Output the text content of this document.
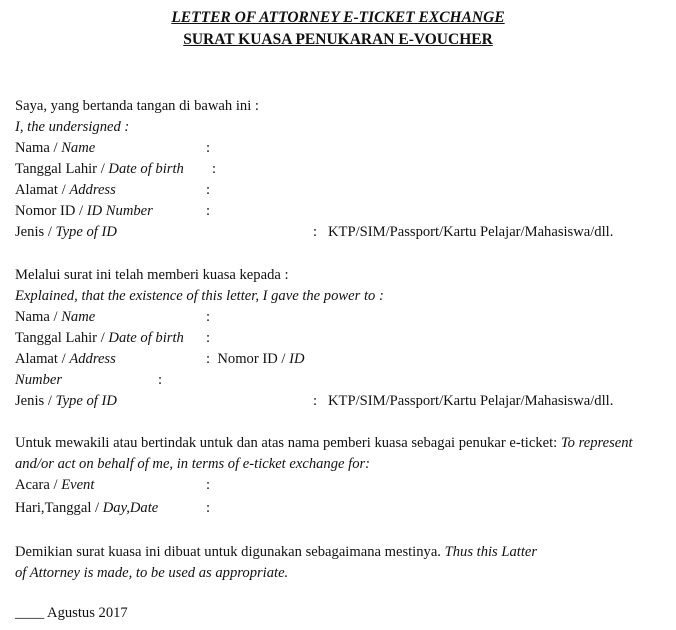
LETTER OF ATTORNEY E-TICKET EXCHANGE
SURAT KUASA PENUKARAN E-VOUCHER
Saya, yang bertanda tangan di bawah ini :
I, the undersigned :
Nama / Name	:
Tanggal Lahir / Date of birth :
Alamat / Address	:
Nomor ID / ID Number	:
Jenis / Type of ID	: KTP/SIM/Passport/Kartu Pelajar/Mahasiswa/dll.
Melalui surat ini telah memberi kuasa kepada :
Explained, that the existence of this letter, I gave the power to :
Nama / Name	:
Tanggal Lahir / Date of birth :
Alamat / Address	: Nomor ID / ID
Number	:
Jenis / Type of ID	: KTP/SIM/Passport/Kartu Pelajar/Mahasiswa/dll.
Untuk mewakili atau bertindak untuk dan atas nama pemberi kuasa sebagai penukar e-ticket: To represent
and/or act on behalf of me, in terms of e-ticket exchange for:
Acara / Event	:
Hari,Tanggal / Day,Date	:
Demikian surat kuasa ini dibuat untuk digunakan sebagaimana mestinya. Thus this Latter
of Attorney is made, to be used as appropriate.
____ Agustus 2017
